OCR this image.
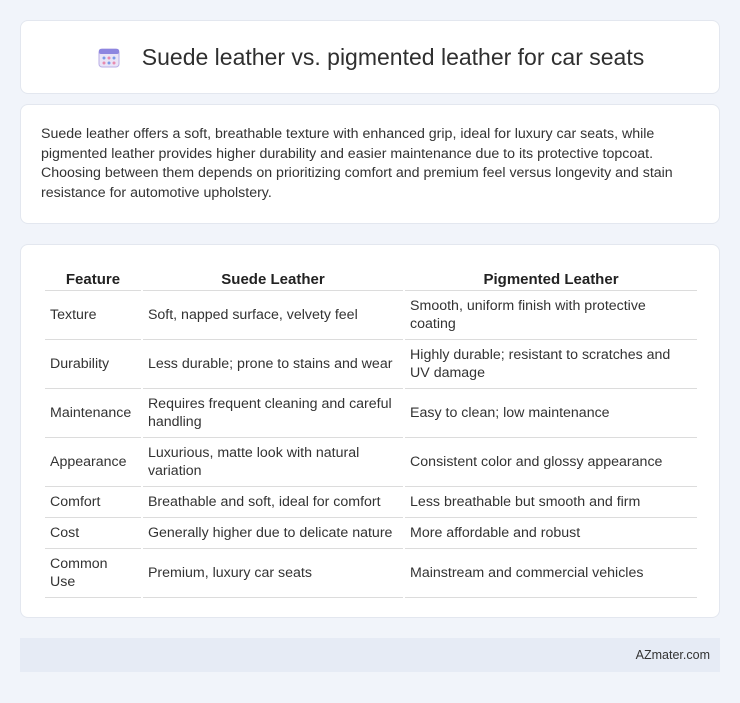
Suede leather vs. pigmented leather for car seats

Suede leather offers a soft, breathable texture with enhanced grip, ideal for luxury car seats, while pigmented leather provides higher durability and easier maintenance due to its protective topcoat. Choosing between them depends on prioritizing comfort and premium feel versus longevity and stain resistance for automotive upholstery.

Feature	Suede Leather	Pigmented Leather
Texture	Soft, napped surface, velvety feel	Smooth, uniform finish with protective coating
Durability	Less durable; prone to stains and wear	Highly durable; resistant to scratches and UV damage
Maintenance	Requires frequent cleaning and careful handling	Easy to clean; low maintenance
Appearance	Luxurious, matte look with natural variation	Consistent color and glossy appearance
Comfort	Breathable and soft, ideal for comfort	Less breathable but smooth and firm
Cost	Generally higher due to delicate nature	More affordable and robust
Common Use	Premium, luxury car seats	Mainstream and commercial vehicles
AZmater.com
